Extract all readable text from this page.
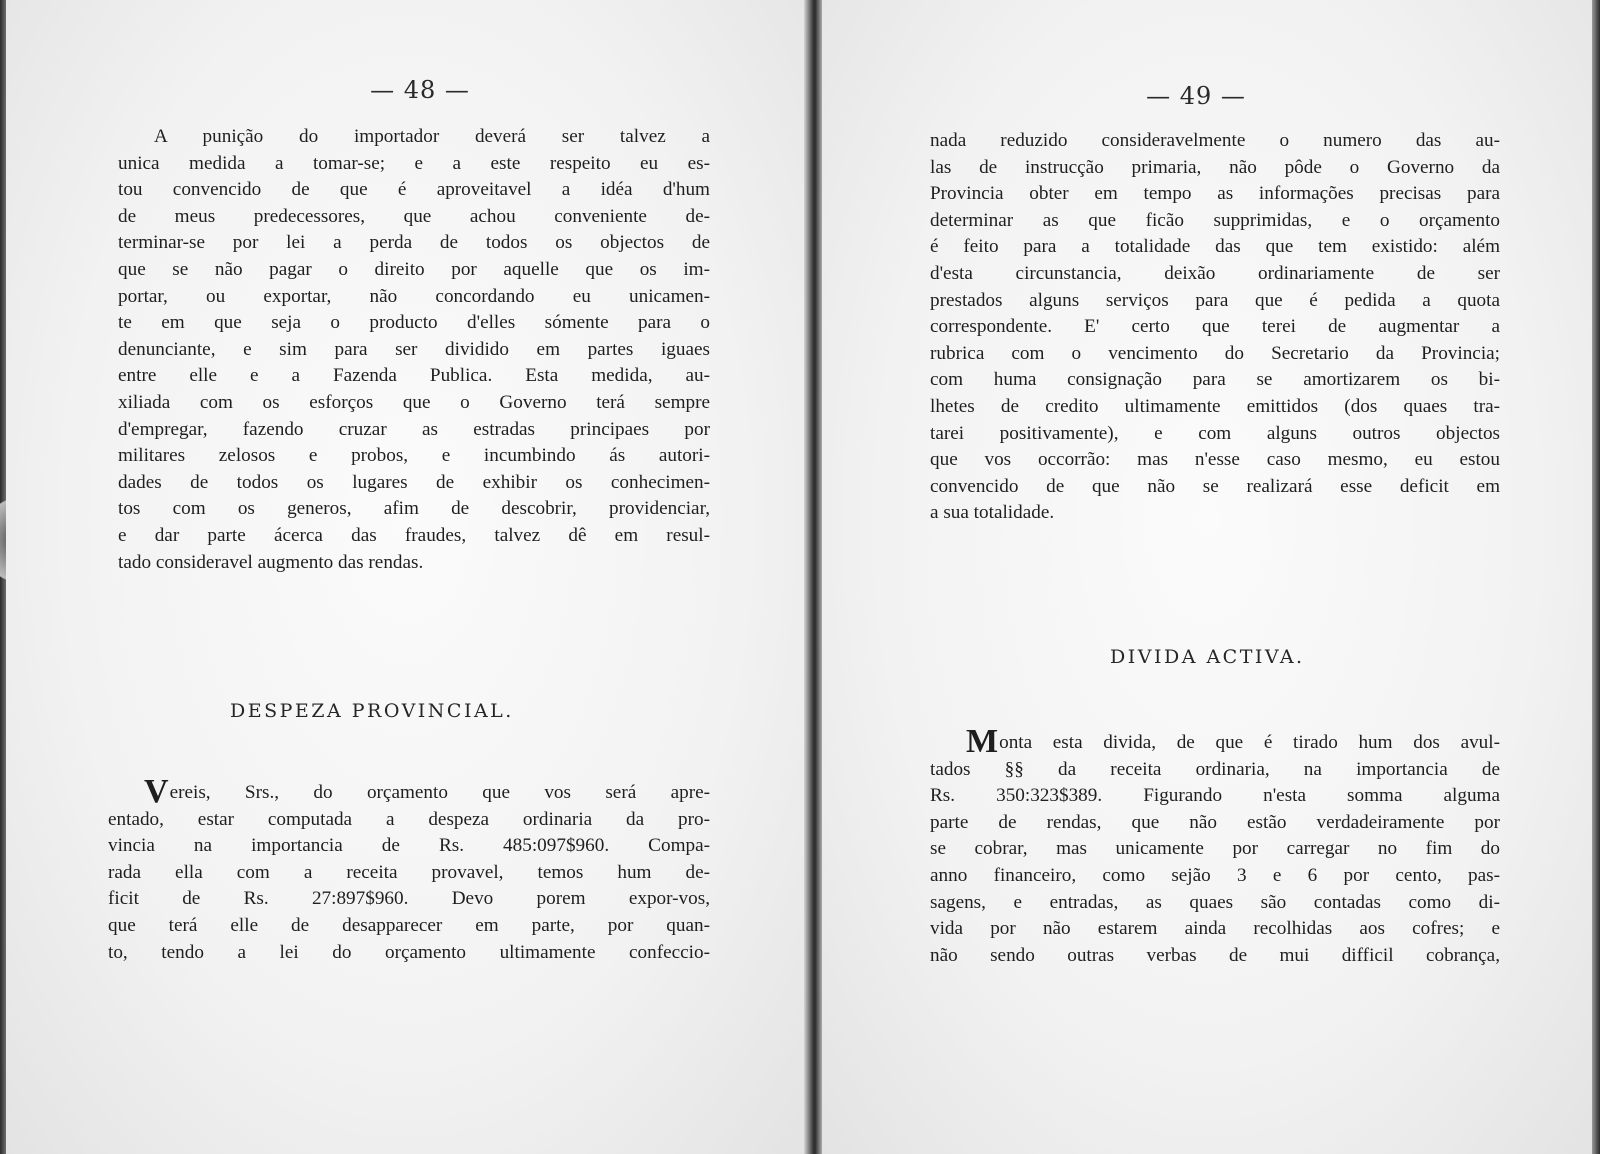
— 48 —
A punição do importador deverá ser talvez a
unica medida a tomar-se; e a este respeito eu es-
tou convencido de que é aproveitavel a idéa d'hum
de meus predecessores, que achou conveniente de-
terminar-se por lei a perda de todos os objectos de
que se não pagar o direito por aquelle que os im-
portar, ou exportar, não concordando eu unicamen-
te em que seja o producto d'elles sómente para o
denunciante, e sim para ser dividido em partes iguaes
entre elle e a Fazenda Publica. Esta medida, au-
xiliada com os esforços que o Governo terá sempre
d'empregar, fazendo cruzar as estradas principaes por
militares zelosos e probos, e incumbindo ás autori-
dades de todos os lugares de exhibir os conhecimen-
tos com os generos, afim de descobrir, providenciar,
e dar parte ácerca das fraudes, talvez dê em resul-
tado consideravel augmento das rendas.
DESPEZA PROVINCIAL.
Vereis, Srs., do orçamento que vos será apre-
entado, estar computada a despeza ordinaria da pro-
vincia na importancia de Rs. 485:097$960. Compa-
rada ella com a receita provavel, temos hum de-
ficit de Rs. 27:897$960. Devo porem expor-vos,
que terá elle de desapparecer em parte, por quan-
to, tendo a lei do orçamento ultimamente confeccio-
— 49 —
nada reduzido consideravelmente o numero das au-
las de instrucção primaria, não pôde o Governo da
Provincia obter em tempo as informações precisas para
determinar as que ficão supprimidas, e o orçamento
é feito para a totalidade das que tem existido: além
d'esta circunstancia, deixão ordinariamente de ser
prestados alguns serviços para que é pedida a quota
correspondente. E' certo que terei de augmentar a
rubrica com o vencimento do Secretario da Provincia;
com huma consignação para se amortizarem os bi-
lhetes de credito ultimamente emittidos (dos quaes tra-
tarei positivamente), e com alguns outros objectos
que vos occorrão: mas n'esse caso mesmo, eu estou
convencido de que não se realizará esse deficit em
a sua totalidade.
DIVIDA ACTIVA.
Monta esta divida, de que é tirado hum dos avul-
tados §§ da receita ordinaria, na importancia de
Rs. 350:323$389. Figurando n'esta somma alguma
parte de rendas, que não estão verdadeiramente por
se cobrar, mas unicamente por carregar no fim do
anno financeiro, como sejão 3 e 6 por cento, pas-
sagens, e entradas, as quaes são contadas como di-
vida por não estarem ainda recolhidas aos cofres; e
não sendo outras verbas de mui difficil cobrança,
